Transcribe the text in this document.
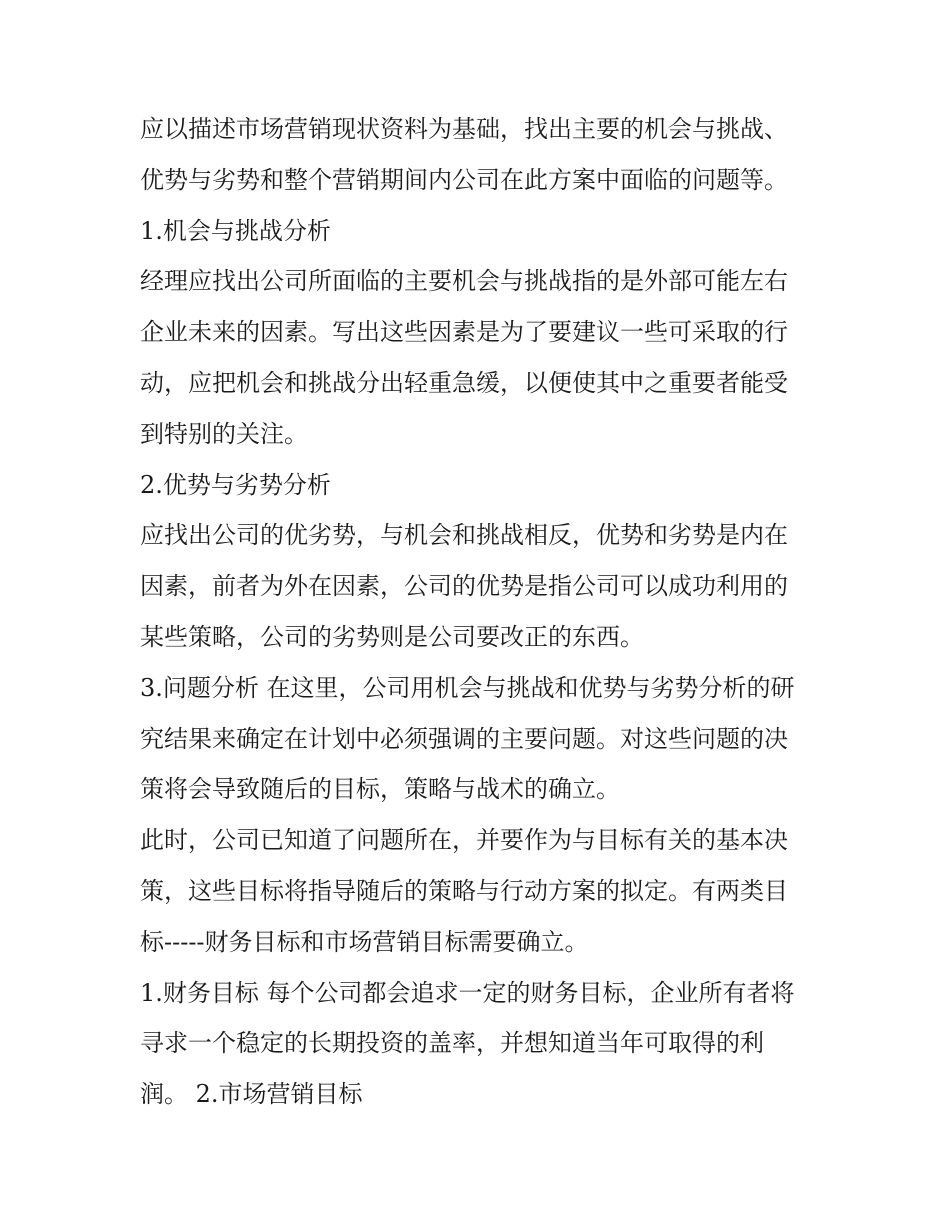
应以描述市场营销现状资料为基础，找出主要的机会与挑战、
优势与劣势和整个营销期间内公司在此方案中面临的问题等。
1.机会与挑战分析
经理应找出公司所面临的主要机会与挑战指的是外部可能左右
企业未来的因素。写出这些因素是为了要建议一些可采取的行
动，应把机会和挑战分出轻重急缓，以便使其中之重要者能受
到特别的关注。
2.优势与劣势分析
应找出公司的优劣势，与机会和挑战相反，优势和劣势是内在
因素，前者为外在因素，公司的优势是指公司可以成功利用的
某些策略，公司的劣势则是公司要改正的东西。
3.问题分析 在这里，公司用机会与挑战和优势与劣势分析的研
究结果来确定在计划中必须强调的主要问题。对这些问题的决
策将会导致随后的目标，策略与战术的确立。
此时，公司已知道了问题所在，并要作为与目标有关的基本决
策，这些目标将指导随后的策略与行动方案的拟定。有两类目
标-----财务目标和市场营销目标需要确立。
1.财务目标 每个公司都会追求一定的财务目标，企业所有者将
寻求一个稳定的长期投资的盖率，并想知道当年可取得的利
润。 2.市场营销目标
